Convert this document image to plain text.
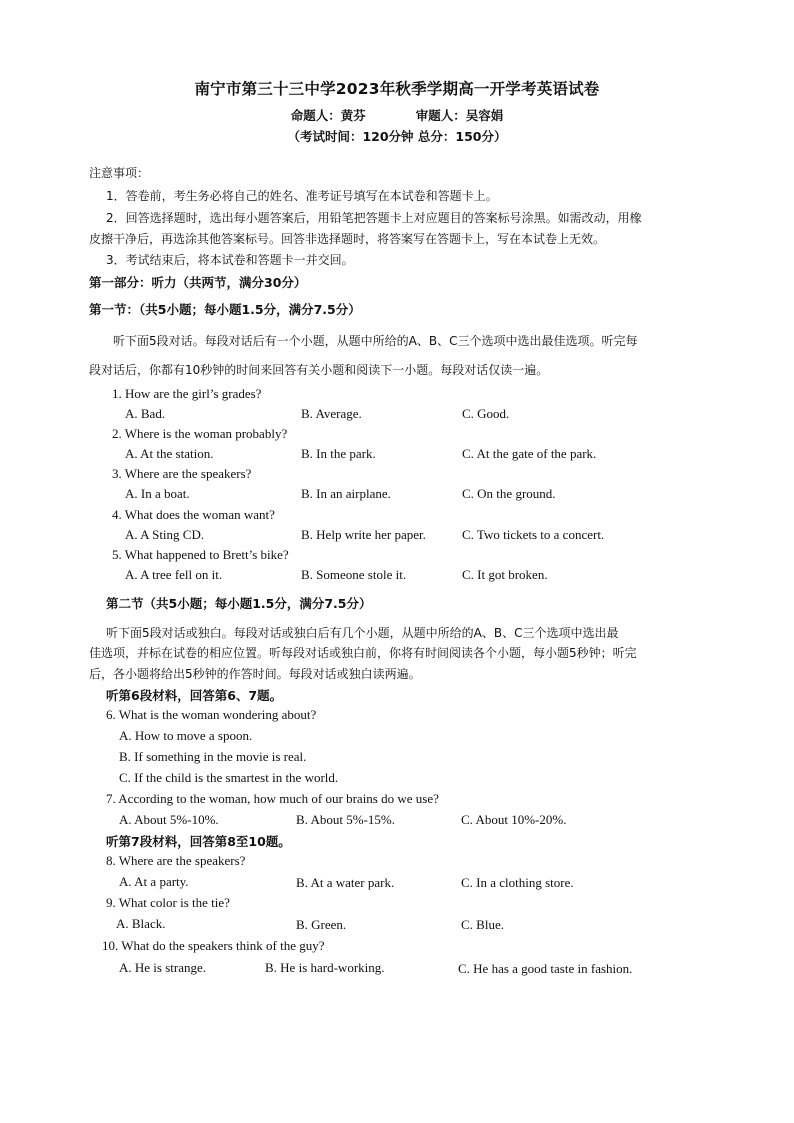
南宁市第三十三中学2023年秋季学期高一开学考英语试卷
命题人：黄芬	审题人：吴容娟
（考试时间：120分钟 总分：150分）
注意事项：
1．答卷前，考生务必将自己的姓名、准考证号填写在本试卷和答题卡上。
2．回答选择题时，选出每小题答案后，用铅笔把答题卡上对应题目的答案标号涂黑。如需改动，用橡
皮擦干净后，再选涂其他答案标号。回答非选择题时，将答案写在答题卡上，写在本试卷上无效。
3．考试结束后，将本试卷和答题卡一并交回。
第一部分：听力（共两节，满分30分）
第一节：（共5小题；每小题1.5分，满分7.5分）
听下面5段对话。每段对话后有一个小题，从题中所给的A、B、C三个选项中选出最佳选项。听完每
段对话后，你都有10秒钟的时间来回答有关小题和阅读下一小题。每段对话仅读一遍。
1. How are the girl’s grades?
A. Bad.	B. Average.	C. Good.
2. Where is the woman probably?
A. At the station.	B. In the park.	C. At the gate of the park.
3. Where are the speakers?
A. In a boat.	B. In an airplane.	C. On the ground.
4. What does the woman want?
A. A Sting CD.	B. Help write her paper.	C. Two tickets to a concert.
5. What happened to Brett’s bike?
A. A tree fell on it.	B. Someone stole it.	C. It got broken.
第二节（共5小题；每小题1.5分，满分7.5分）
听下面5段对话或独白。每段对话或独白后有几个小题，从题中所给的A、B、C三个选项中选出最
佳选项，并标在试卷的相应位置。听每段对话或独白前，你将有时间阅读各个小题，每小题5秒钟；听完
后，各小题将给出5秒钟的作答时间。每段对话或独白读两遍。
听第6段材料，回答第6、7题。
6. What is the woman wondering about?
A. How to move a spoon.
B. If something in the movie is real.
C. If the child is the smartest in the world.
7. According to the woman, how much of our brains do we use?
A. About 5%-10%.	B. About 5%-15%.	C. About 10%-20%.
听第7段材料，回答第8至10题。
8. Where are the speakers?
A. At a party.	B. At a water park.	C. In a clothing store.
9. What color is the tie?
A. Black.	B. Green.	C. Blue.
10. What do the speakers think of the guy?
A. He is strange.	B. He is hard-working.	C. He has a good taste in fashion.
